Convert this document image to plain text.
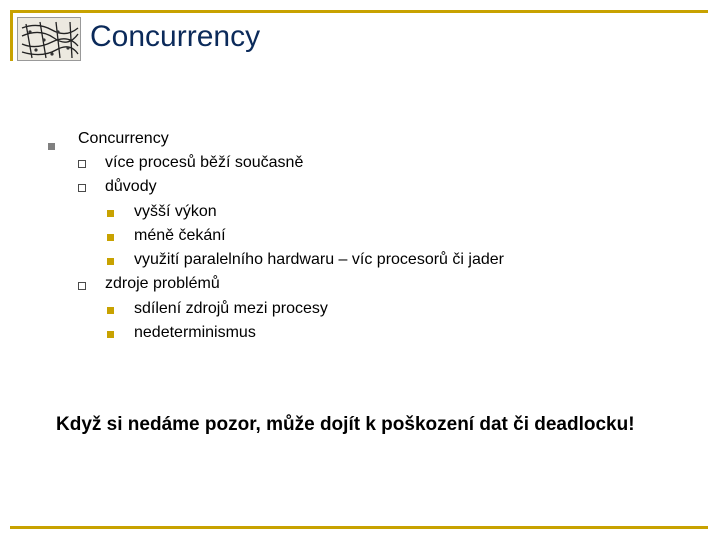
Concurrency
Concurrency
více procesů běží současně
důvody
vyšší výkon
méně čekání
využití paralelního hardwaru – víc procesorů či jader
zdroje problémů
sdílení zdrojů mezi procesy
nedeterminismus
Když si nedáme pozor, může dojít k poškození dat či deadlocku!
